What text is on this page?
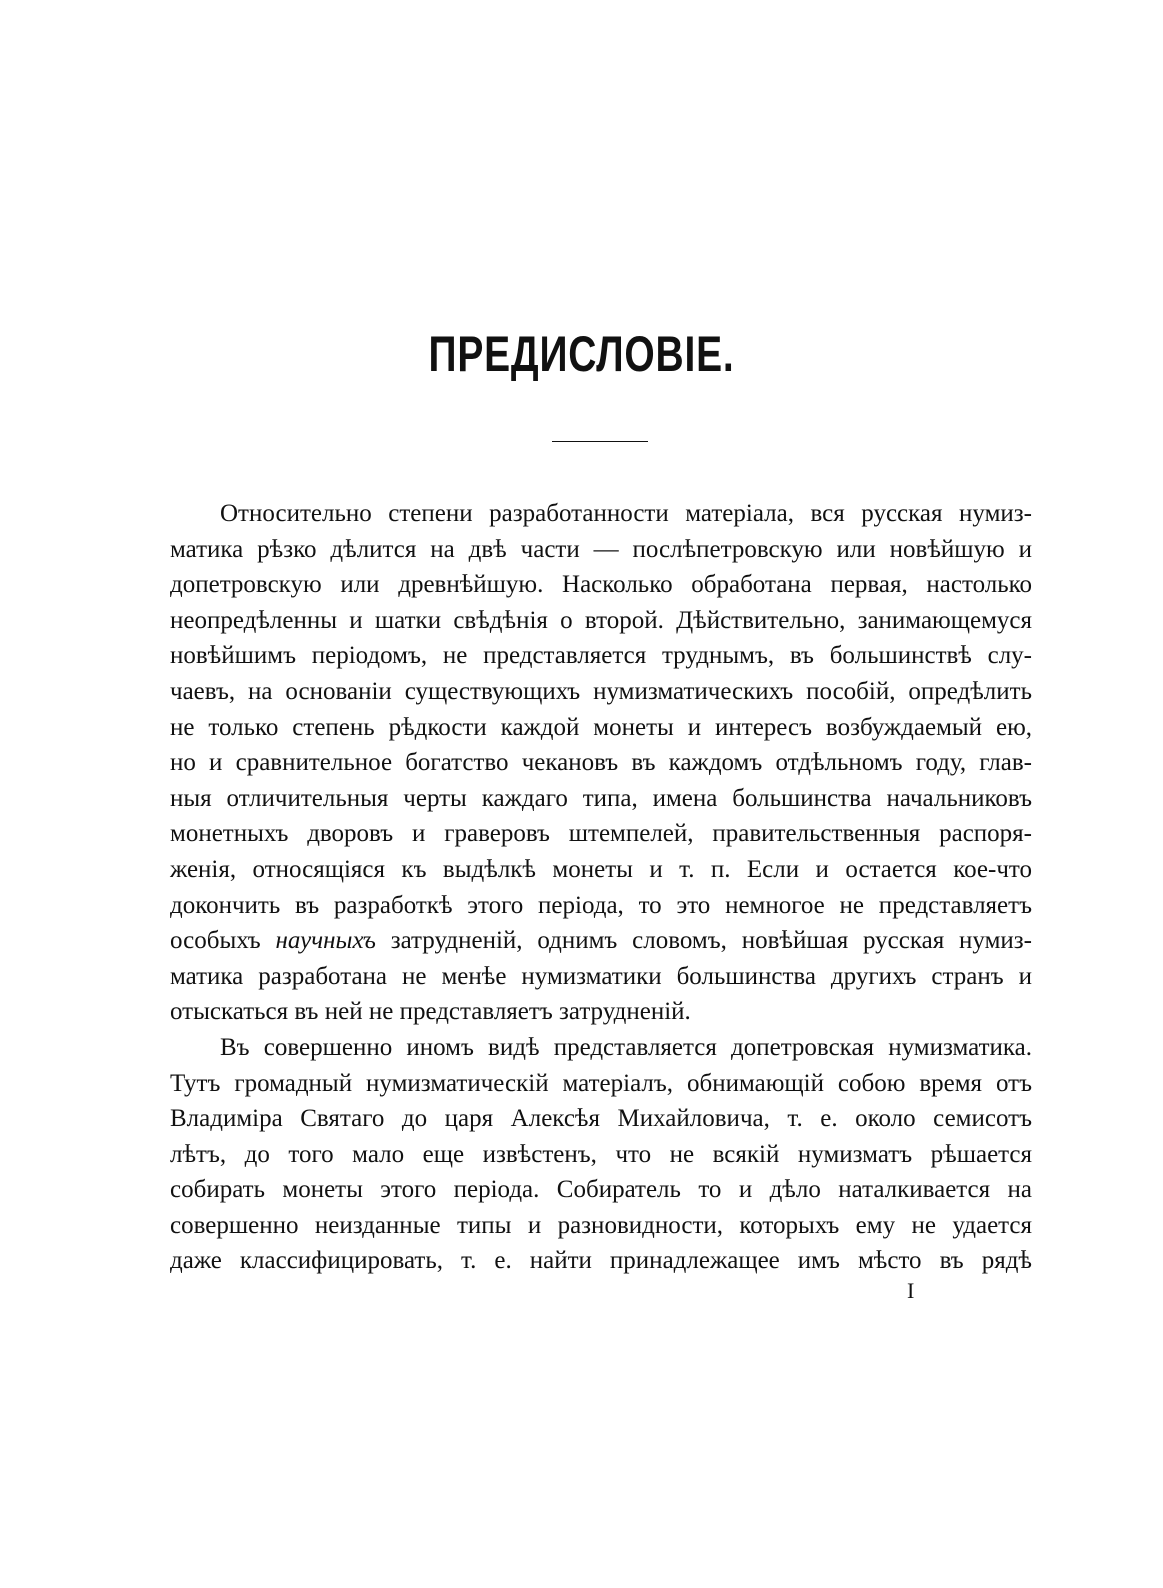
ПРЕДИСЛОВІЕ.
Относительно степени разработанности матеріала, вся русская нумиз-
матика рѣзко дѣлится на двѣ части — послѣпетровскую или новѣйшую и
допетровскую или древнѣйшую. Насколько обработана первая, настолько
неопредѣленны и шатки свѣдѣнія о второй. Дѣйствительно, занимающемуся
новѣйшимъ періодомъ, не представляется труднымъ, въ большинствѣ слу-
чаевъ, на основаніи существующихъ нумизматическихъ пособій, опредѣлить
не только степень рѣдкости каждой монеты и интересъ возбуждаемый ею,
но и сравнительное богатство чекановъ въ каждомъ отдѣльномъ году, глав-
ныя отличительныя черты каждаго типа, имена большинства начальниковъ
монетныхъ дворовъ и граверовъ штемпелей, правительственныя распоря-
женія, относящіяся къ выдѣлкѣ монеты и т. п. Если и остается кое-что
докончить въ разработкѣ этого періода, то это немногое не представляетъ
особыхъ научныхъ затрудненій, однимъ словомъ, новѣйшая русская нумиз-
матика разработана не менѣе нумизматики большинства другихъ странъ и
отыскаться въ ней не представляетъ затрудненій.
Въ совершенно иномъ видѣ представляется допетровская нумизматика.
Тутъ громадный нумизматическій матеріалъ, обнимающій собою время отъ
Владиміра Святаго до царя Алексѣя Михайловича, т. е. около семисотъ
лѣтъ, до того мало еще извѣстенъ, что не всякій нумизматъ рѣшается
собирать монеты этого періода. Собиратель то и дѣло наталкивается на
совершенно неизданные типы и разновидности, которыхъ ему не удается
даже классифицировать, т. е. найти принадлежащее имъ мѣсто въ рядѣ
I
